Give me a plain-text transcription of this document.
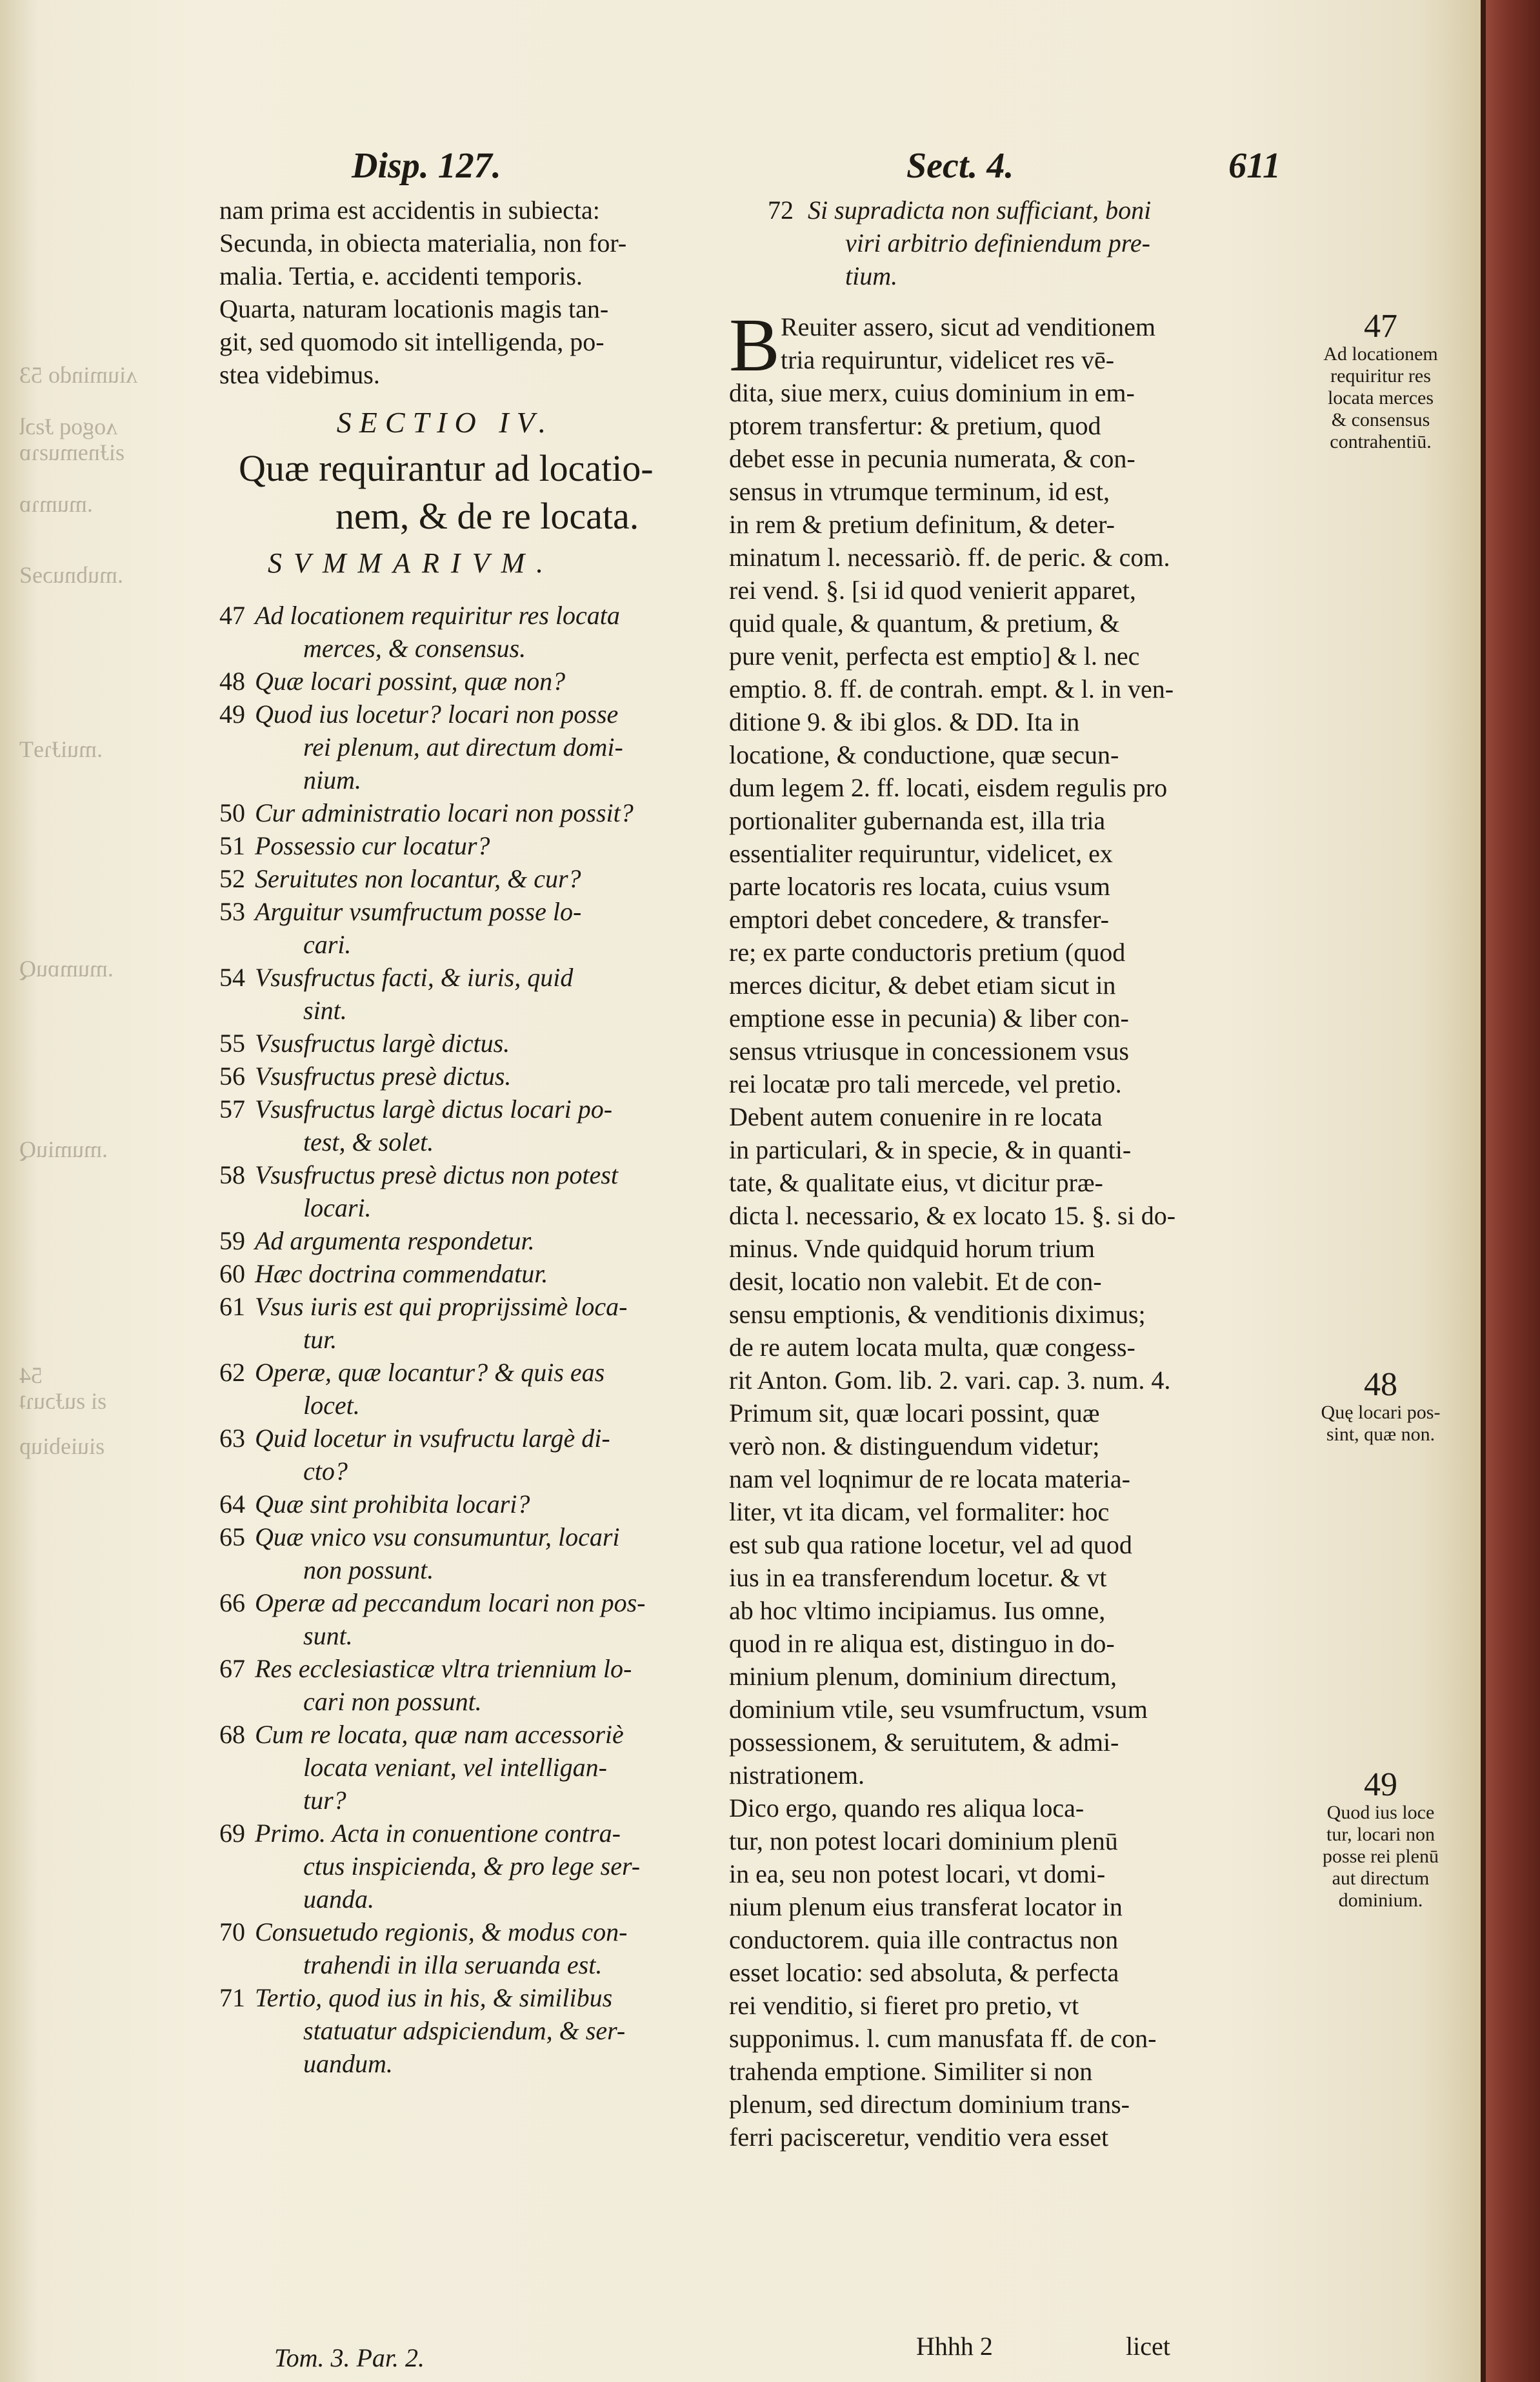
ʌiumindo 53
ʌogoq ɈƨɔƖ
ƨiɈnɘmuƨɿɒ
.mumɿɒ
.mubnuɔɘƧ
.muiɈɿɘT
.mumɒuQ
.mumiuQ
54
ƨi ƨuɈɔuɿʇ
ƨiuiɘbiup
Disp. 127.	Sect. 4.	611
nam prima est accidentis in subiecta:
Secunda, in obiecta materialia, non for-
malia. Tertia, e. accidenti temporis.
Quarta, naturam locationis magis tan-
git, sed quomodo sit intelligenda, po-
stea videbimus.
SECTIO IV.
Quæ requirantur ad locatio-
nem, & de re locata.
SVMMARIVM.
47 Ad locationem requiritur res locata
merces, & consensus.
48 Quæ locari possint, quæ non?
49 Quod ius locetur? locari non posse
rei plenum, aut directum domi-
nium.
50 Cur administratio locari non possit?
51 Possessio cur locatur?
52 Seruitutes non locantur, & cur?
53 Arguitur vsumfructum posse lo-
cari.
54 Vsusfructus facti, & iuris, quid
sint.
55 Vsusfructus largè dictus.
56 Vsusfructus presè dictus.
57 Vsusfructus largè dictus locari po-
test, & solet.
58 Vsusfructus presè dictus non potest
locari.
59 Ad argumenta respondetur.
60 Hæc doctrina commendatur.
61 Vsus iuris est qui proprijssimè loca-
tur.
62 Operæ, quæ locantur? & quis eas
locet.
63 Quid locetur in vsufructu largè di-
cto?
64 Quæ sint prohibita locari?
65 Quæ vnico vsu consumuntur, locari
non possunt.
66 Operæ ad peccandum locari non pos-
sunt.
67 Res ecclesiasticæ vltra triennium lo-
cari non possunt.
68 Cum re locata, quæ nam accessoriè
locata veniant, vel intelligan-
tur?
69 Primo. Acta in conuentione contra-
ctus inspicienda, & pro lege ser-
uanda.
70 Consuetudo regionis, & modus con-
trahendi in illa seruanda est.
71 Tertio, quod ius in his, & similibus
statuatur adspiciendum, & ser-
uandum.
72 Si supradicta non sufficiant, boni
viri arbitrio definiendum pre-
tium.
B Reuiter assero, sicut ad venditionem
tria requiruntur, videlicet res vē-
dita, siue merx, cuius dominium in em-
ptorem transfertur: & pretium, quod
debet esse in pecunia numerata, & con-
sensus in vtrumque terminum, id est,
in rem & pretium definitum, & deter-
minatum l. necessariò. ff. de peric. & com.
rei vend. §. [si id quod venierit apparet,
quid quale, & quantum, & pretium, &
pure venit, perfecta est emptio] & l. nec
emptio. 8. ff. de contrah. empt. & l. in ven-
ditione 9. & ibi glos. & DD. Ita in
locatione, & conductione, quæ secun-
dum legem 2. ff. locati, eisdem regulis pro
portionaliter gubernanda est, illa tria
essentialiter requiruntur, videlicet, ex
parte locatoris res locata, cuius vsum
emptori debet concedere, & transfer-
re; ex parte conductoris pretium (quod
merces dicitur, & debet etiam sicut in
emptione esse in pecunia) & liber con-
sensus vtriusque in concessionem vsus
rei locatæ pro tali mercede, vel pretio.
Debent autem conuenire in re locata
in particulari, & in specie, & in quanti-
tate, & qualitate eius, vt dicitur præ-
dicta l. necessario, & ex locato 15. §. si do-
minus. Vnde quidquid horum trium
desit, locatio non valebit. Et de con-
sensu emptionis, & venditionis diximus;
de re autem locata multa, quæ congess-
rit Anton. Gom. lib. 2. vari. cap. 3. num. 4.
Primum sit, quæ locari possint, quæ
verò non. & distinguendum videtur;
nam vel loqnimur de re locata materia-
liter, vt ita dicam, vel formaliter: hoc
est sub qua ratione locetur, vel ad quod
ius in ea transferendum locetur. & vt
ab hoc vltimo incipiamus. Ius omne,
quod in re aliqua est, distinguo in do-
minium plenum, dominium directum,
dominium vtile, seu vsumfructum, vsum
possessionem, & seruitutem, & admi-
nistrationem.
Dico ergo, quando res aliqua loca-
tur, non potest locari dominium plenū
in ea, seu non potest locari, vt domi-
nium plenum eius transferat locator in
conductorem. quia ille contractus non
esset locatio: sed absoluta, & perfecta
rei venditio, si fieret pro pretio, vt
supponimus. l. cum manusfata ff. de con-
trahenda emptione. Similiter si non
plenum, sed directum dominium trans-
ferri pacisceretur, venditio vera esset
47
Ad locationem
requiritur res
locata merces
& consensus
contrahentiū.
48
Quę locari pos-
sint, quæ non.
49
Quod ius loce
tur, locari non
posse rei plenū
aut directum
dominium.
Tom. 3. Par. 2.	Hhhh 2	licet
